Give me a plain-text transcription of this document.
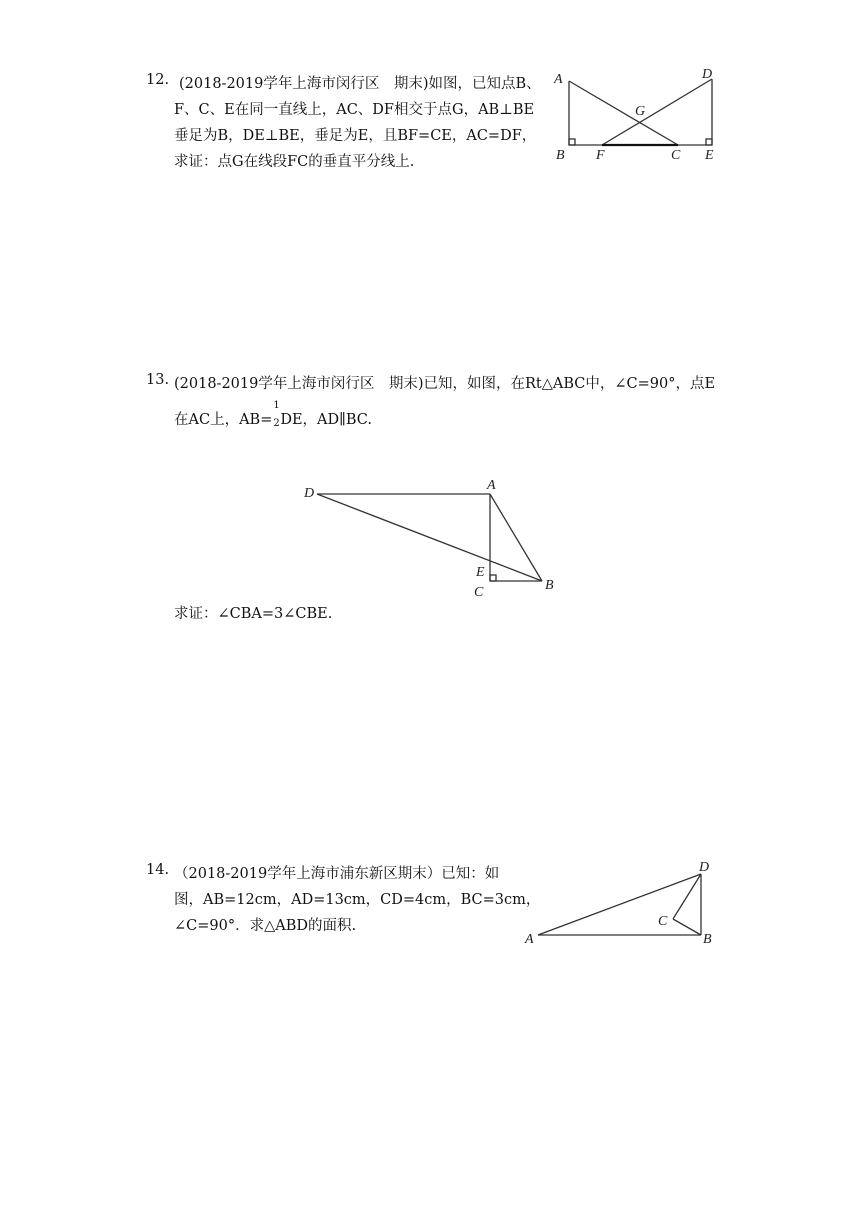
12. (2018-2019学年上海市闵行区　期末)如图，已知点B、
F、C、E在同一直线上，AC、DF相交于点G，AB⊥BE
垂足为B，DE⊥BE，垂足为E，且BF=CE，AC=DF，
求证：点G在线段FC的垂直平分线上.
A	D
G
B F	C E
13. (2018-2019学年上海市闵行区　期末)已知，如图，在Rt△ABC中，∠C=90°，点E
在AC上，AB=
1
2 DE，AD∥BC.
D
A
E
C	B
求证：∠CBA=3∠CBE.
14. （2018-2019学年上海市浦东新区期末）已知：如
图，AB=12cm，AD=13cm，CD=4cm，BC=3cm，
∠C=90°．求△ABD的面积.
D
C
A	B
